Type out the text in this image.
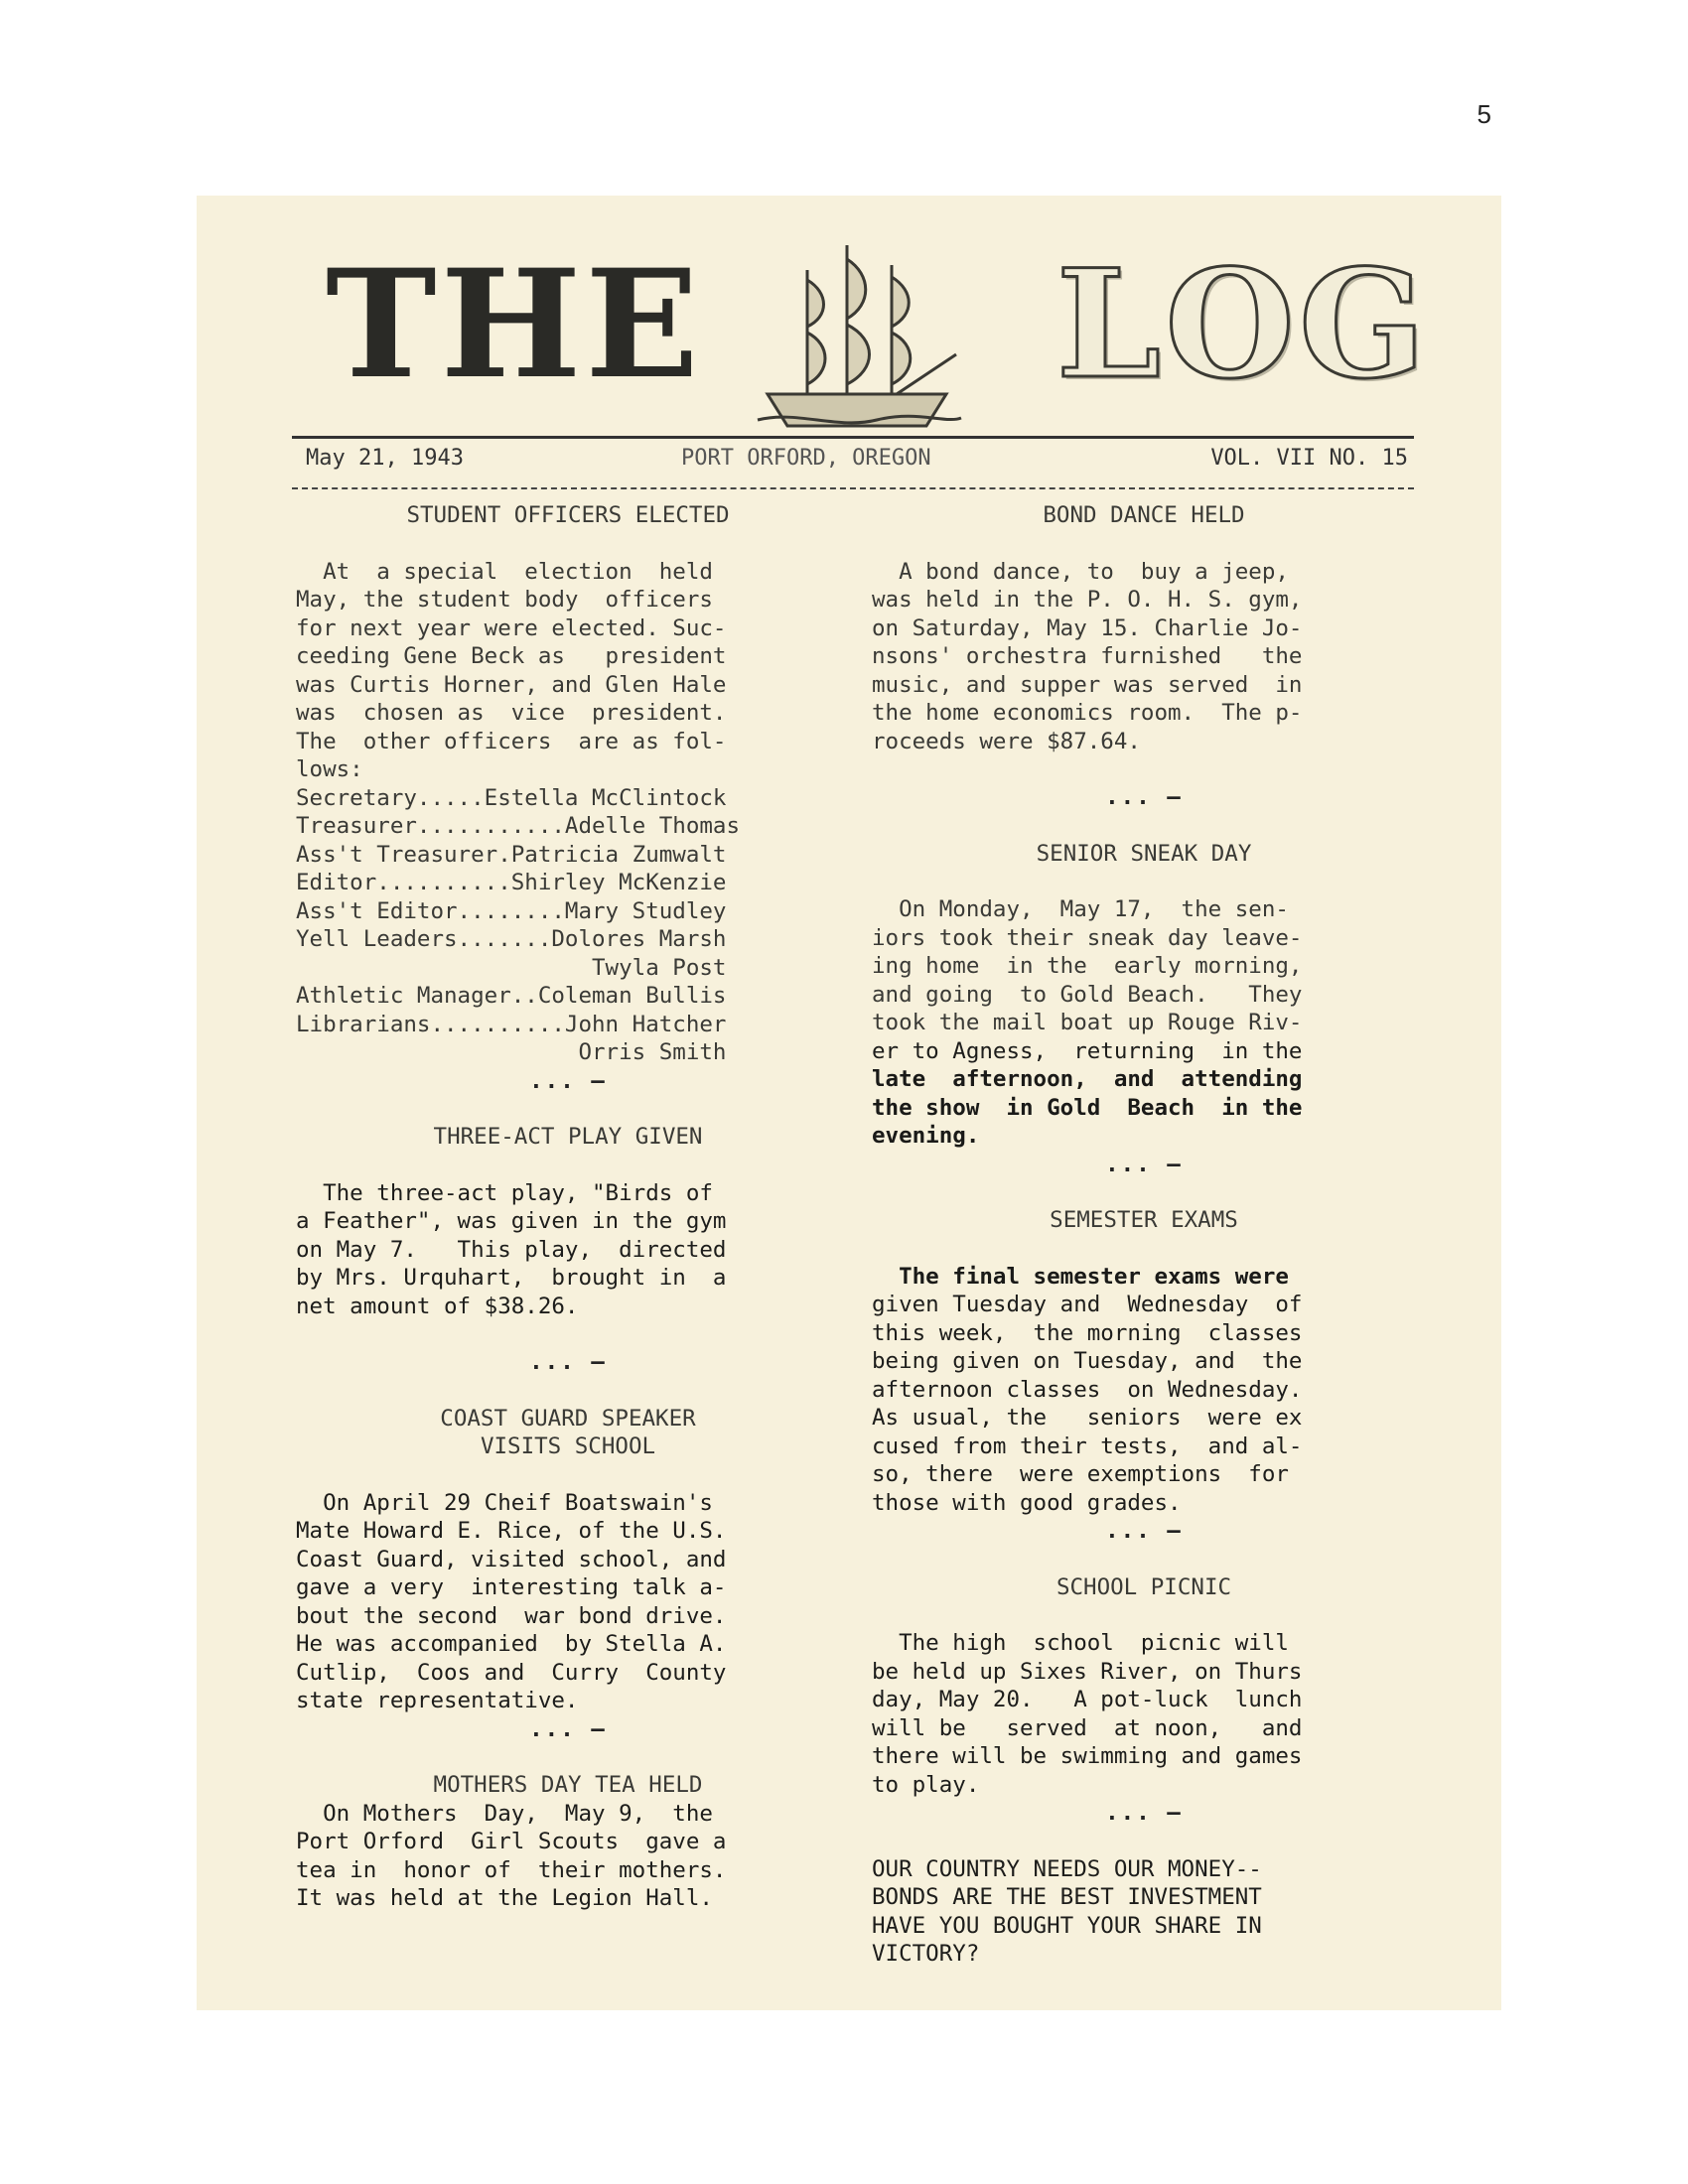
5
THE LOG
May 21, 1943	PORT ORFORD, OREGON	VOL. VII NO. 15

STUDENT OFFICERS ELECTED

At  a special  election  held

May, the student body  officers

for next year were elected. Suc-

ceeding Gene Beck as   president

was Curtis Horner, and Glen Hale

was  chosen as  vice  president.

The  other officers  are as fol-

lows:

Secretary.....Estella McClintock

Treasurer...........Adelle Thomas

Ass't Treasurer.Patricia Zumwalt

Editor..........Shirley McKenzie

Ass't Editor........Mary Studley

Yell Leaders.......Dolores Marsh

Twyla Post

Athletic Manager..Coleman Bullis

Librarians..........John Hatcher

Orris Smith

... —

THREE-ACT PLAY GIVEN

The three-act play, "Birds of

a Feather", was given in the gym

on May 7.   This play,  directed

by Mrs. Urquhart,  brought in  a

net amount of $38.26.

... —

COAST GUARD SPEAKER

VISITS SCHOOL

On April 29 Cheif Boatswain's

Mate Howard E. Rice, of the U.S.

Coast Guard, visited school, and

gave a very  interesting talk a-

bout the second  war bond drive.

He was accompanied  by Stella A.

Cutlip,  Coos and  Curry  County

state representative.

... —

MOTHERS DAY TEA HELD

On Mothers  Day,  May 9,  the

Port Orford  Girl Scouts  gave a

tea in  honor of  their mothers.

It was held at the Legion Hall.

BOND DANCE HELD

A bond dance, to  buy a jeep,

was held in the P. O. H. S. gym,

on Saturday, May 15. Charlie Jo-

nsons' orchestra furnished   the

music, and supper was served  in

the home economics room.  The p-

roceeds were $87.64.

... —

SENIOR SNEAK DAY

On Monday,  May 17,  the sen-

iors took their sneak day leave-

ing home  in the  early morning,

and going  to Gold Beach.   They

took the mail boat up Rouge Riv-

er to Agness,  returning  in the

late  afternoon,  and  attending

the show  in Gold  Beach  in the

evening.

... —

SEMESTER EXAMS

The final semester exams were

given Tuesday and  Wednesday  of

this week,  the morning  classes

being given on Tuesday, and  the

afternoon classes  on Wednesday.

As usual, the   seniors  were ex

cused from their tests,  and al-

so, there  were exemptions  for

those with good grades.

... —

SCHOOL PICNIC

The high  school  picnic will

be held up Sixes River, on Thurs

day, May 20.   A pot-luck  lunch

will be   served  at noon,   and

there will be swimming and games

to play.

... —

OUR COUNTRY NEEDS OUR MONEY--

BONDS ARE THE BEST INVESTMENT

HAVE YOU BOUGHT YOUR SHARE IN

VICTORY?
